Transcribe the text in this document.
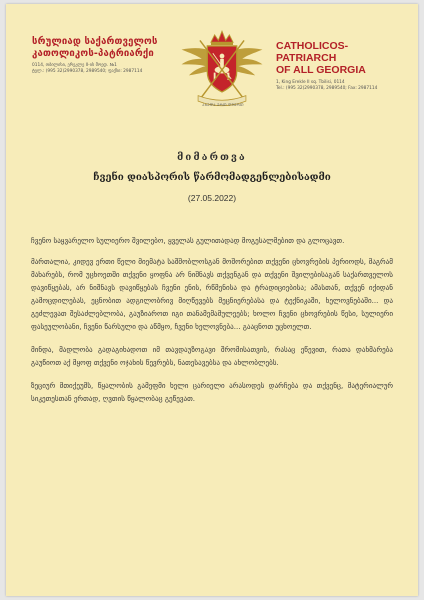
სრულიად საქართველოს

კათოლიკოს-პატრიარქი

0114, თბილისი, ერეკლე II-ის მოედ. №1
ტელ.: (995 32)2990378, 2989540; ფაქსი: 2987114
ᲐᲮᲔᲓᲐ ᲔᲠᲗ ᲦᲛᲔᲠᲗ

CATHOLICOS-PATRIARCH

OF ALL GEORGIA

1, King Erekle II sq. Tbilisi, 0114
Tel.: (995 32)2990378, 2989540; Fax: 2987114
მიმართვა
ჩვენი დიასპორის წარმომადგენლებისადმი

(27.05.2022)

ჩვენო საყვარელო სულიერო შვილებო, ყველას გულითადად მოგესალმებით და გლოცავთ.

მართალია, კიდევ ერთი წელი მიემატა საშშობლოსგან მოშორებით თქვენი ცხოვრების პერიოდს, მაგრამ მახარებს, რომ უცხოეთში თქვენი ყოფნა არ ნიშნავს თქვენგან და თქვენი შვილებისაგან საქართველოს დავიწყებას, არ ნიშნავს დავიწყებას ჩვენი ენის, რწმენისა და ტრადიციებისა; ამასთან, თქვენ იქიდან გამოცდილებას, ეცნობით ადგილობრივ მიღწევებს მეცნიერებასა და ტექნიკაში, ხელოვნებაში... და გეძლევათ შესაძლებლობა, გაუზიაროთ იგი თანამემამულეებს; ხოლო ჩვენი ცხოვრების წესი, სულიერი ფასეულობანი, ჩვენი წარსული და აწმყო, ჩვენი ხელოვნება... გააცნოთ უცხოელთ.

მინდა, მადლობა გადაგიხადოთ იმ თავდაუზოგავი შრომისათვის, რასაც ეწევით, რათა დახმარება გაუწიოთ აქ მყოფ თქვენი ოჯახის წევრებს, ნათესავებსა და ახლობლებს.

ზეციურ მთიქეუმს, წყალობის გამეფმი ხელი ცარიელი არასოდეს დარჩება და თქვენც, მატერიალურ სიკეთესთან ერთად, ღვთის წყალობაც გეწევათ.
